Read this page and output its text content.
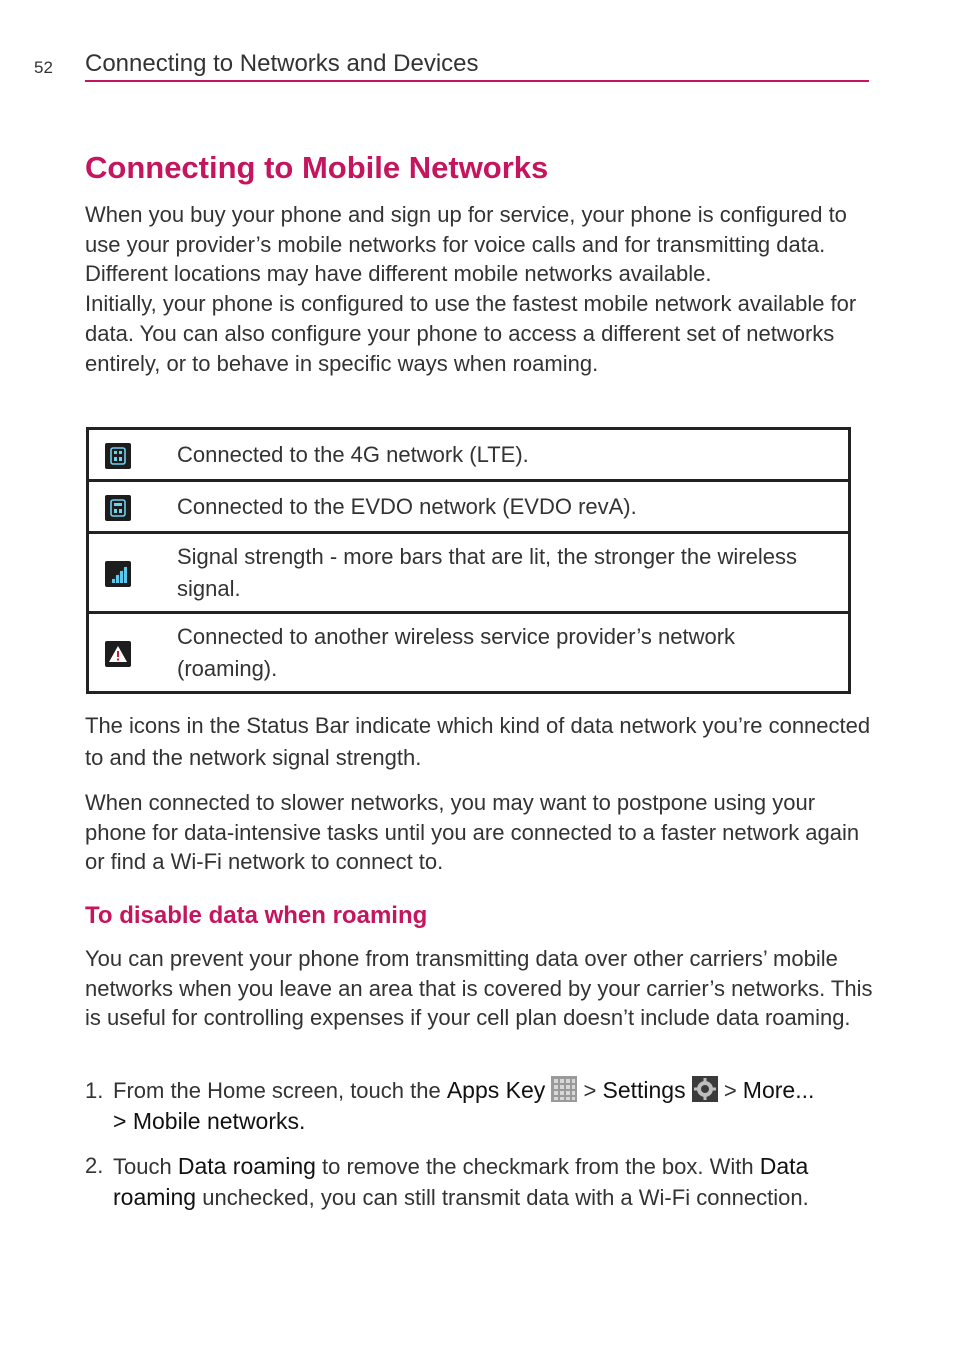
52 Connecting to Networks and Devices
Connecting to Mobile Networks
When you buy your phone and sign up for service, your phone is configured to use your provider’s mobile networks for voice calls and for transmitting data.
Different locations may have different mobile networks available.
Initially, your phone is configured to use the fastest mobile network available for data. You can also configure your phone to access a different set of networks entirely, or to behave in specific ways when roaming.
	Connected to the 4G network (LTE).

	Connected to the EVDO network (EVDO revA).

	Signal strength - more bars that are lit, the stronger the wireless signal.

	Connected to another wireless service provider’s network (roaming).
The icons in the Status Bar indicate which kind of data network you’re connected to and the network signal strength.
When connected to slower networks, you may want to postpone using your phone for data-intensive tasks until you are connected to a faster network again or find a Wi-Fi network to connect to.
To disable data when roaming
You can prevent your phone from transmitting data over other carriers’ mobile networks when you leave an area that is covered by your carrier’s networks. This is useful for controlling expenses if your cell plan doesn’t include data roaming.
1. From the Home screen, touch the Apps Key  > Settings  > More...
> Mobile networks.
2. Touch Data roaming to remove the checkmark from the box. With Data roaming unchecked, you can still transmit data with a Wi-Fi connection.
